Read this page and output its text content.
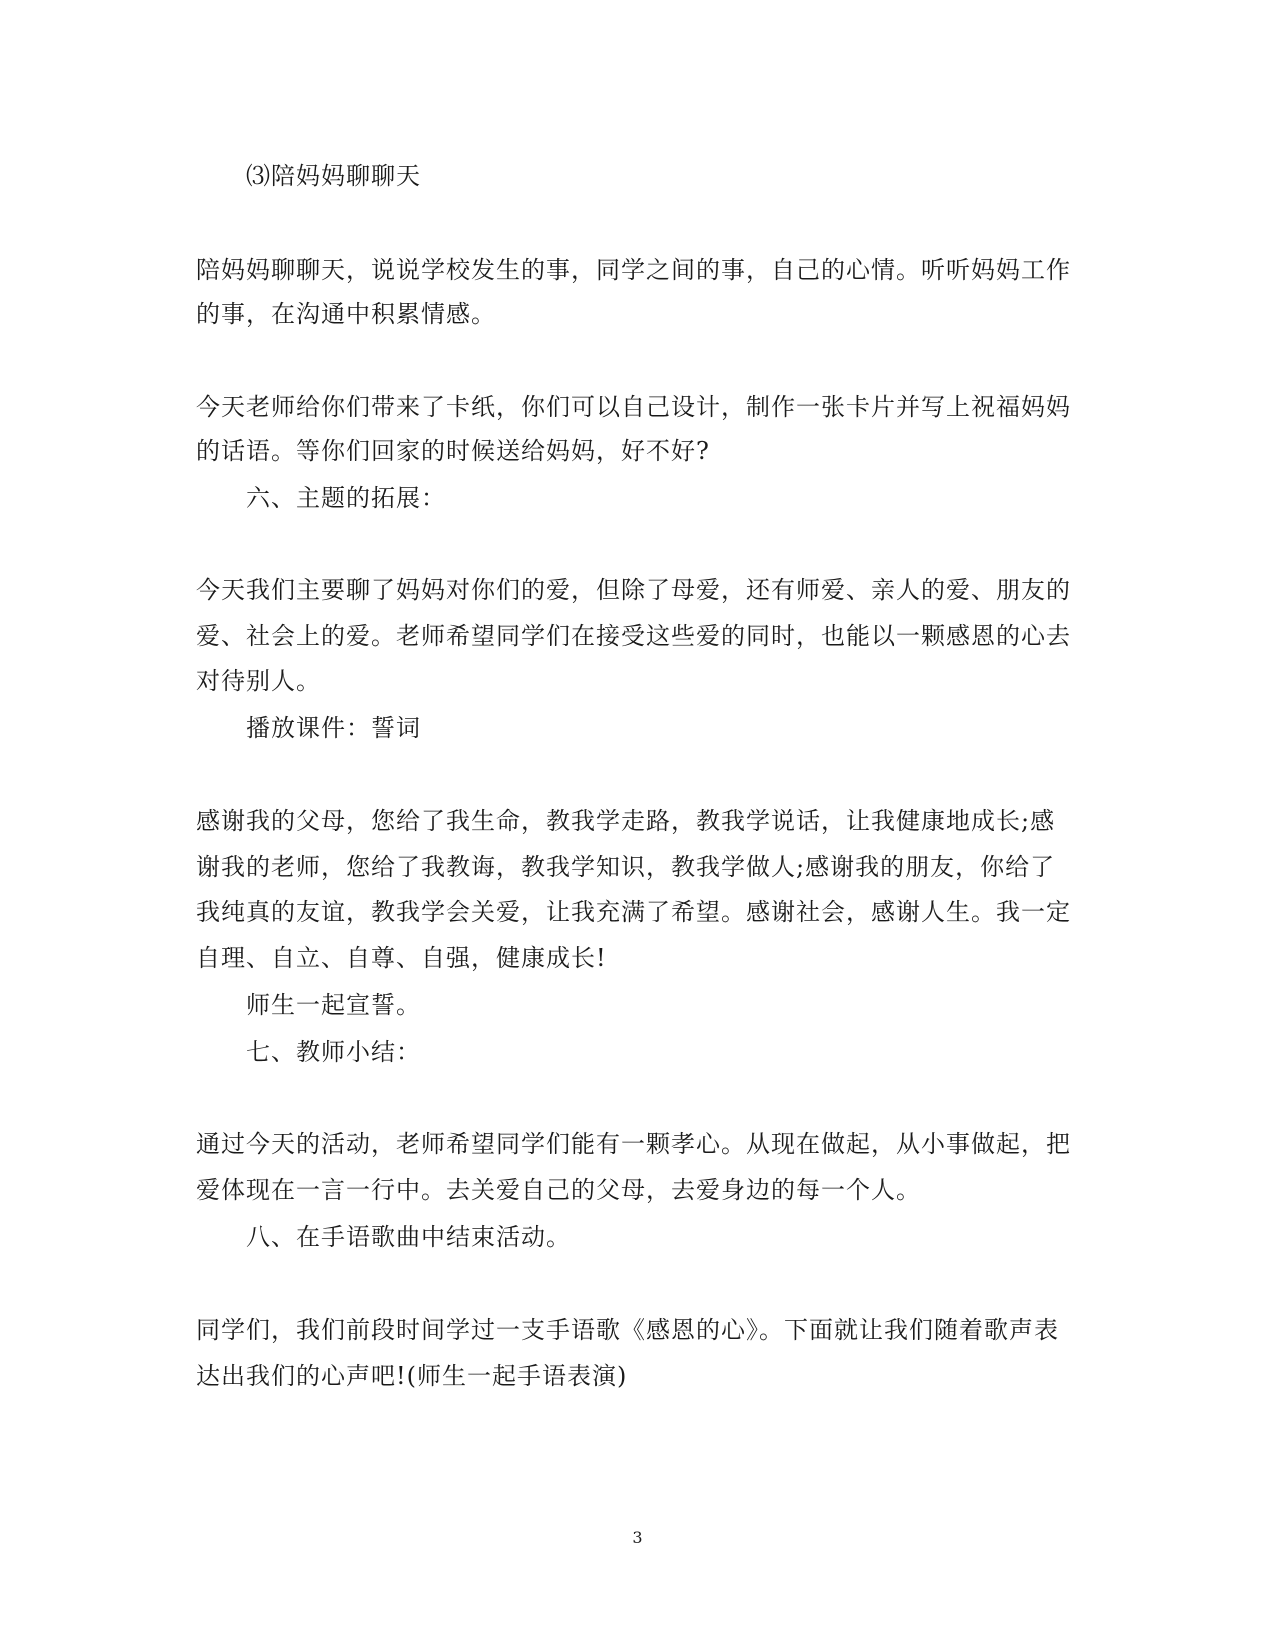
⑶陪妈妈聊聊天
陪妈妈聊聊天，说说学校发生的事，同学之间的事，自己的心情。听听妈妈工作
的事，在沟通中积累情感。
今天老师给你们带来了卡纸，你们可以自己设计，制作一张卡片并写上祝福妈妈
的话语。等你们回家的时候送给妈妈，好不好?
六、主题的拓展：
今天我们主要聊了妈妈对你们的爱，但除了母爱，还有师爱、亲人的爱、朋友的
爱、社会上的爱。老师希望同学们在接受这些爱的同时，也能以一颗感恩的心去
对待别人。
播放课件：誓词
感谢我的父母，您给了我生命，教我学走路，教我学说话，让我健康地成长;感
谢我的老师，您给了我教诲，教我学知识，教我学做人;感谢我的朋友，你给了
我纯真的友谊，教我学会关爱，让我充满了希望。感谢社会，感谢人生。我一定
自理、自立、自尊、自强，健康成长!
师生一起宣誓。
七、教师小结：
通过今天的活动，老师希望同学们能有一颗孝心。从现在做起，从小事做起，把
爱体现在一言一行中。去关爱自己的父母，去爱身边的每一个人。
八、在手语歌曲中结束活动。
同学们，我们前段时间学过一支手语歌《感恩的心》。下面就让我们随着歌声表
达出我们的心声吧!(师生一起手语表演)
3
